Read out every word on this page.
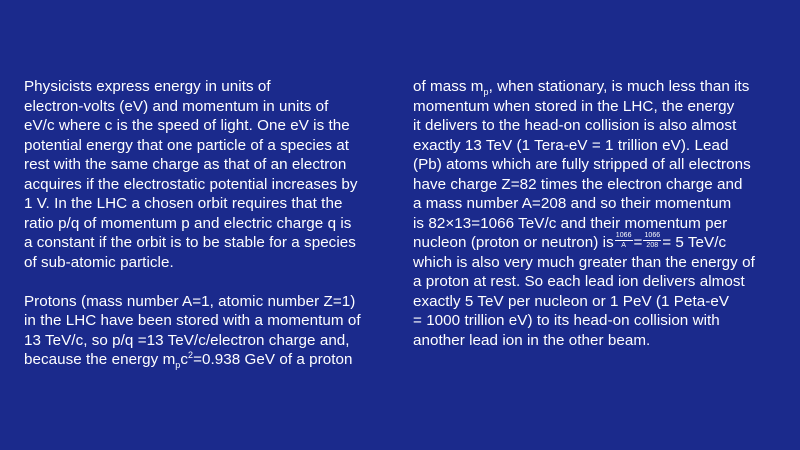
Physicists express energy in units of
electron-volts (eV) and momentum in units of
eV/c where c is the speed of light. One eV is the
potential energy that one particle of a species at
rest with the same charge as that of an electron
acquires if the electrostatic potential increases by
1 V. In the LHC a chosen orbit requires that the
ratio p/q of momentum p and electric charge q is
a constant if the orbit is to be stable for a species
of sub-atomic particle.
Protons (mass number A=1, atomic number Z=1)
in the LHC have been stored with a momentum of
13 TeV/c, so p/q =13 TeV/c/electron charge and,
because the energy $m_pc^2=0.938$ GeV of a proton
of mass $m_p$, when stationary, is much less than its
momentum when stored in the LHC, the energy
it delivers to the head-on collision is also almost
exactly 13 TeV (1 Tera-eV = 1 trillion eV). Lead
(Pb) atoms which are fully stripped of all electrons
have charge Z=82 times the electron charge and
a mass number A=208 and so their momentum
is 82×13=1066 TeV/c and their momentum per
nucleon (proton or neutron) is $\frac{1066}{A} = \frac{1066}{208} = 5$ TeV/c
which is also very much greater than the energy of
a proton at rest. So each lead ion delivers almost
exactly 5 TeV per nucleon or 1 PeV (1 Peta-eV
= 1000 trillion eV) to its head-on collision with
another lead ion in the other beam.
